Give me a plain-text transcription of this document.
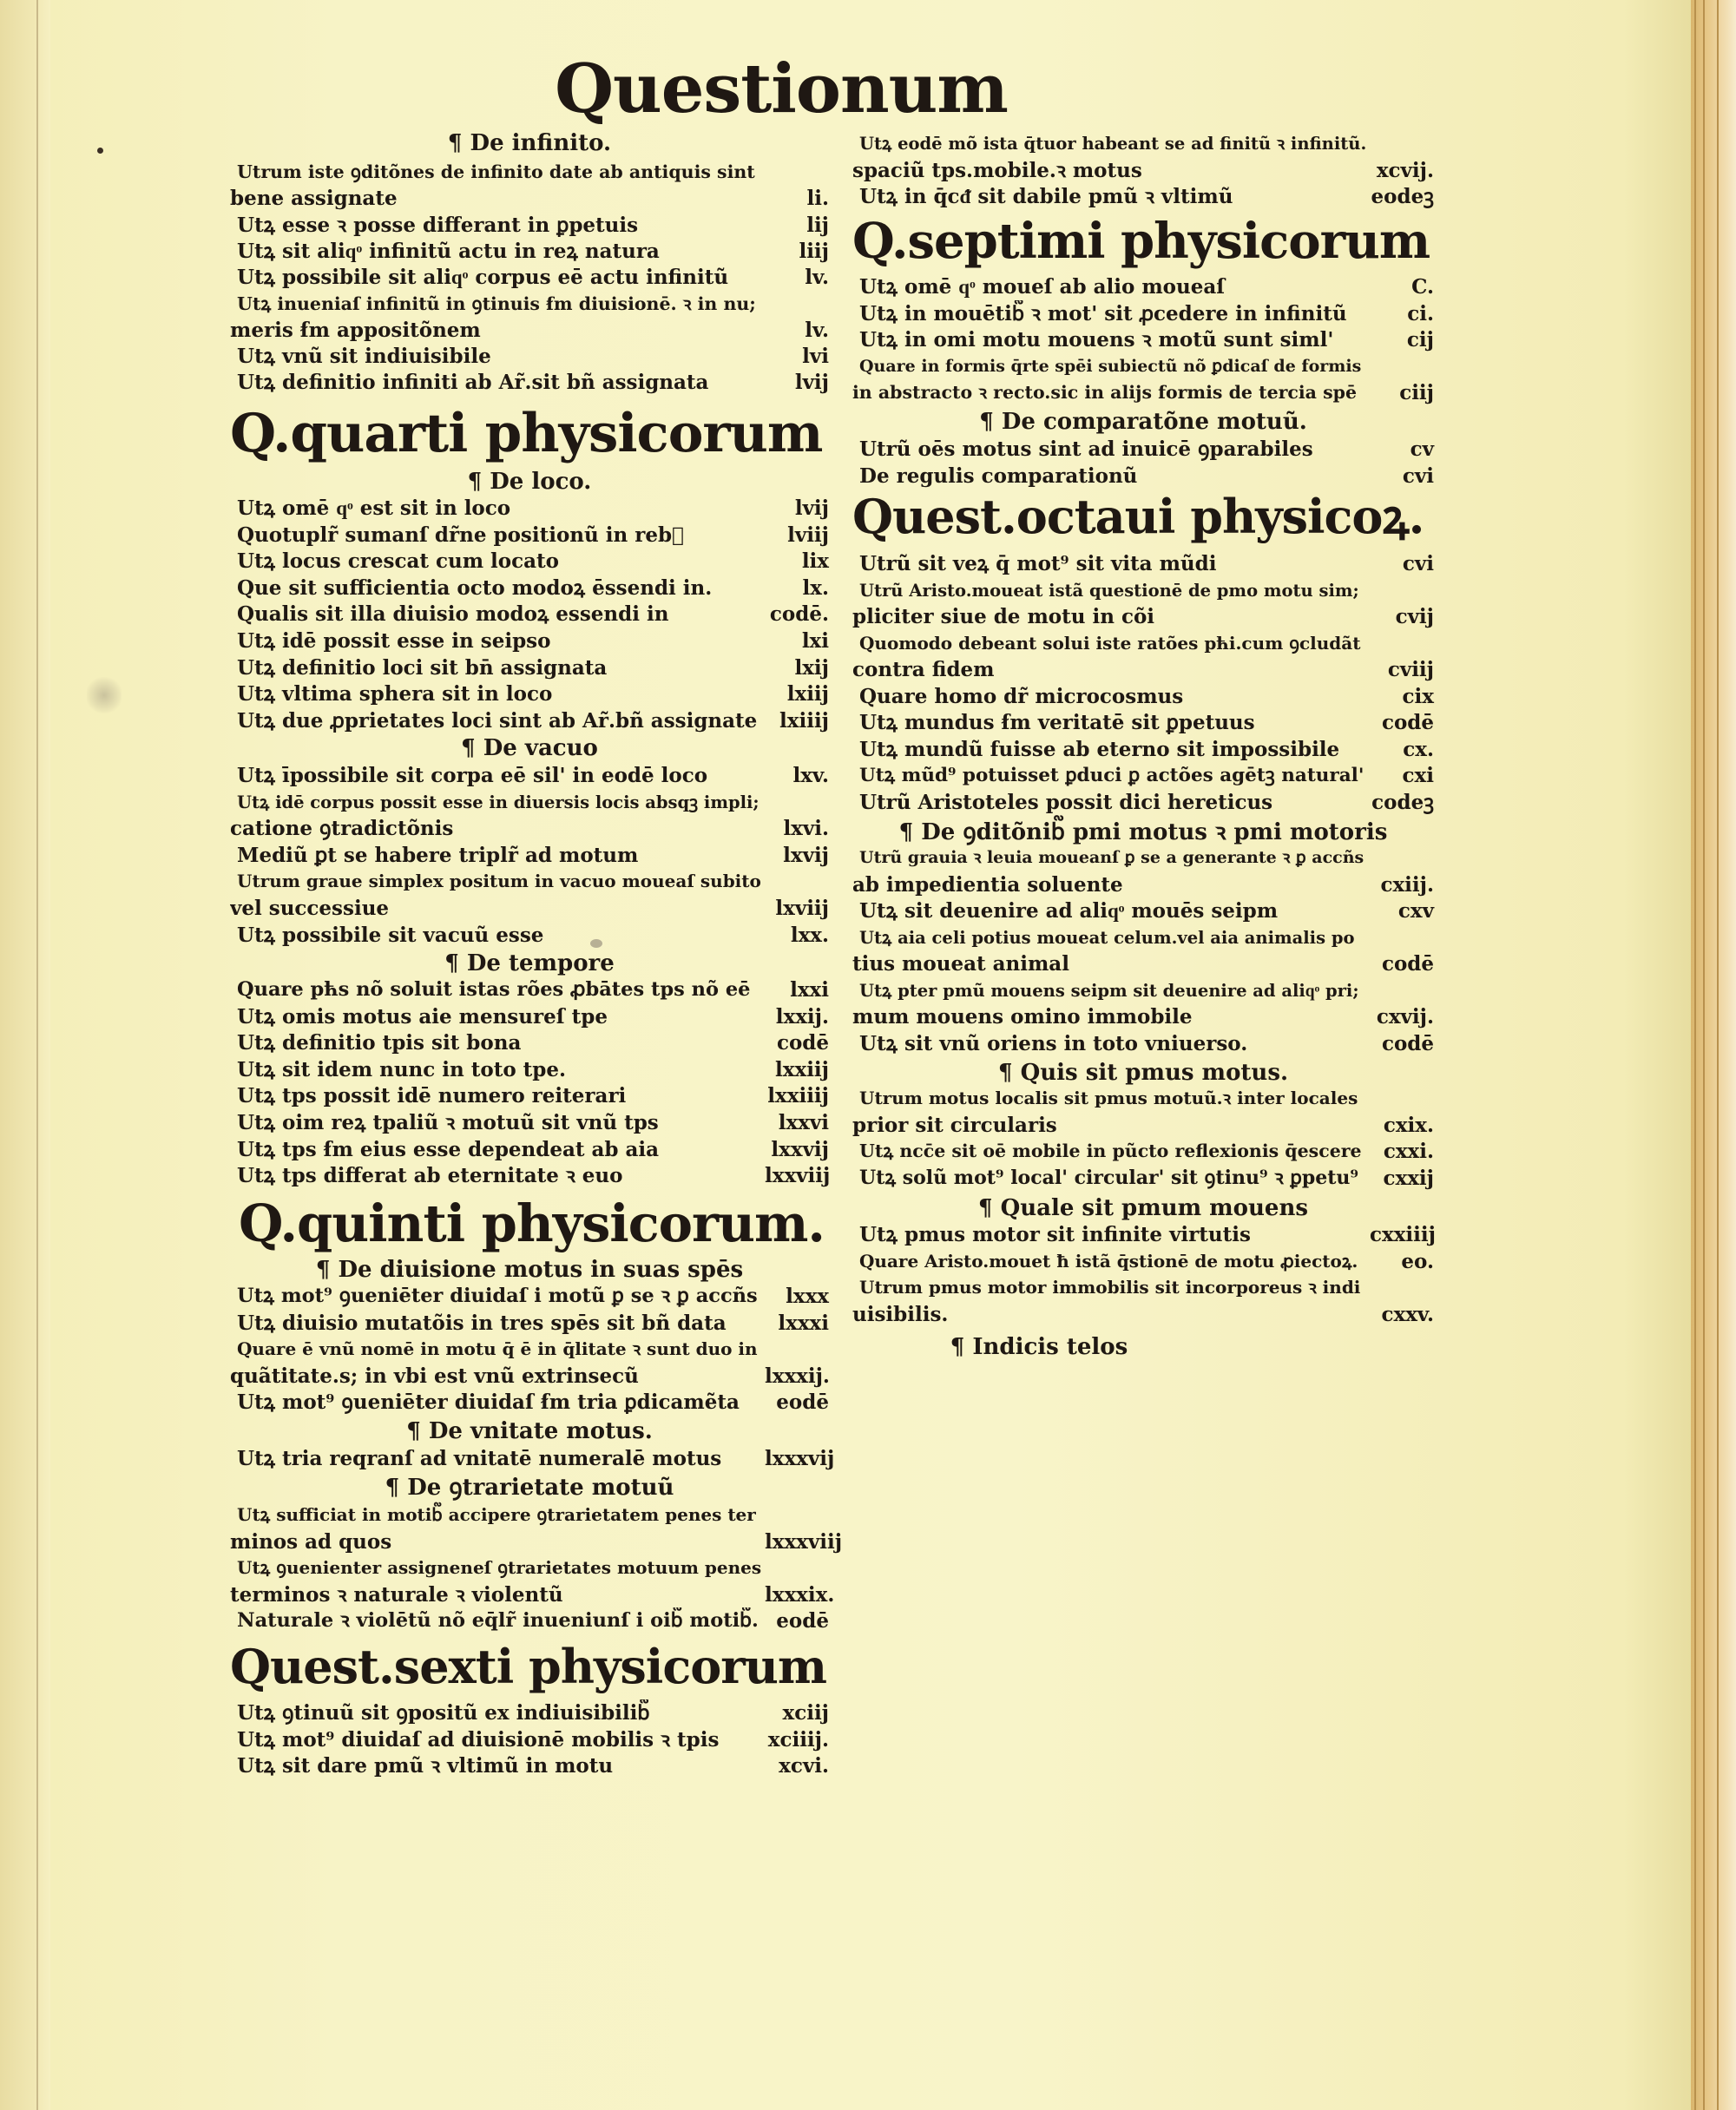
Questionum
¶ De infinito.
Q.quarti physicorum
¶ De loco.
¶ De vacuo
¶ De tempore
Q.quinti physicorum.
¶ De diuisione motus in suas spēs
¶ De vnitate motus.
¶ De ꝯtrarietate motuũ
Quest.sexti physicorum
Utrum iste ꝯditõnes de infinito date ab antiquis sint
bene assignate	li.
Utꝝ esse ꝛ posse differant in ꝑpetuis	lij
Utꝝ sit aliqͦ infinitũ actu in reꝝ natura	liij
Utꝝ possibile sit aliqͦ corpus eē actu infinitũ	lv.
Utꝝ inueniaſ infinitũ in ꝯtinuis ẜm diuisionē. ꝛ in nu;
meris ẜm appositõnem	lv.
Utꝝ vnũ sit indiuisibile	lvi
Utꝝ definitio infiniti ab Ar̃.sit bñ assignata	lvij
Utꝝ omē qͦ est sit in loco	lvij
Quotuplr̃ sumanſ dr̃ne positionũ in reb᷑	lviij
Utꝝ locus crescat cum locato	lix
Que sit sufficientia octo modoꝝ ēssendi in.	lx.
Qualis sit illa diuisio modoꝝ essendi in	codē.
Utꝝ idē possit esse in seipso	lxi
Utꝝ definitio loci sit bn̄ assignata	lxij
Utꝝ vltima sphera sit in loco	lxiij
Utꝝ due ꝓprietates loci sint ab Ar̃.bñ assignate	lxiiij
Utꝝ īpossibile sit corpa eē sil' in eodē loco	lxv.
Utꝝ idē corpus possit esse in diuersis locis absqꝫ impli;
catione ꝯtradictõnis	lxvi.
Mediũ ꝑt se habere triplr̃ ad motum	lxvij
Utrum graue simplex positum in vacuo moueaſ subito
vel successiue	lxviij
Utꝝ possibile sit vacuũ esse	lxx.
Quare pћs nõ soluit istas rões ꝓbātes tps nõ eē	lxxi
Utꝝ omis motus aie mensureſ tpe	lxxij.
Utꝝ definitio tpis sit bona	codē
Utꝝ sit idem nunc in toto tpe.	lxxiij
Utꝝ tps possit idē numero reiterari	lxxiiij
Utꝝ oim reꝝ tpaliũ ꝛ motuũ sit vnũ tps	lxxvi
Utꝝ tps ẜm eius esse dependeat ab aia	lxxvij
Utꝝ tps differat ab eternitate ꝛ euo	lxxviij
Utꝝ mot⁹ ꝯueniēter diuidaſ i motũ ꝑ se ꝛ ꝑ accñs	lxxx
Utꝝ diuisio mutatõis in tres spēs sit bñ data	lxxxi
Quare ē vnũ nomē in motu q̄ ē in q̄litate ꝛ sunt duo in
quãtitate.s; in vbi est vnũ extrinsecũ	lxxxij.
Utꝝ mot⁹ ꝯueniēter diuidaſ ẜm tria ꝑdicamẽta	eodē
Utꝝ tria reqranſ ad vnitatē numeralē motus	lxxxvij
Utꝝ sufficiat in motib᷑ accipere ꝯtrarietatem penes ter
minos ad quos	lxxxviij
Utꝝ ꝯuenienter assigneneſ ꝯtrarietates motuum penes
terminos ꝛ naturale ꝛ violentũ	lxxxix.
Naturale ꝛ violētũ nõ eq̄lr̃ inueniunſ i oib᷑ motib᷑. eodē
Utꝝ ꝯtinuũ sit ꝯpositũ ex indiuisibilib᷑	xciij
Utꝝ mot⁹ diuidaſ ad diuisionē mobilis ꝛ tpis	xciiij.
Utꝝ sit dare pmũ ꝛ vltimũ in motu	xcvi.
Q.septimi physicorum
¶ De comparatõne motuũ.
Quest.octaui physicoꝝ.
¶ De ꝯditõnib᷑ pmi motus ꝛ pmi motoris
¶ Quis sit pmus motus.
¶ Quale sit pmum mouens
¶ Indicis telos
Utꝝ eodē mõ ista q̄tuor habeant se ad finitũ ꝛ infinitũ.
spaciũ tps.mobile.ꝛ motus	xcvij.
Utꝝ in q̄cᵭ sit dabile pmũ ꝛ vltimũ	eodeꝫ
Utꝝ omē qͦ moueſ ab alio moueaſ	C.
Utꝝ in mouētib᷑ ꝛ mot' sit ꝓcedere in infinitũ	ci.
Utꝝ in omi motu mouens ꝛ motũ sunt siml'	cij
Quare in formis q̄rte spēi subiectũ nõ ꝑdicaſ de formis
in abstracto ꝛ recto.sic in alijs formis de tercia spē	ciij
Utrũ oēs motus sint ad inuicē ꝯparabiles	cv
De regulis comparationũ	cvi
Utrũ sit veꝝ q̄ mot⁹ sit vita mũdi	cvi
Utrũ Aristo.moueat istã questionē de pmo motu sim;
pliciter siue de motu in cõi	cvij
Quomodo debeant solui iste ratões pћi.cum ꝯcludãt
contra fidem	cviij
Quare homo dr̃ microcosmus	cix
Utꝝ mundus ẜm veritatē sit ꝑpetuus	codē
Utꝝ mundũ fuisse ab eterno sit impossibile	cx.
Utꝝ mũd⁹ potuisset ꝑduci ꝑ actões agētꝫ natural'	cxi
Utrũ Aristoteles possit dici hereticus	codeꝫ
Utrũ grauia ꝛ leuia moueanſ ꝑ se a generante ꝛ ꝑ accñs
ab impedientia soluente	cxiij.
Utꝝ sit deuenire ad aliqͦ mouēs seipm	cxv
Utꝝ aia celi potius moueat celum.vel aia animalis po
tius moueat animal	codē
Utꝝ pter pmũ mouens seipm sit deuenire ad aliqͦ pri;
mum mouens omino immobile	cxvij.
Utꝝ sit vnũ oriens in toto vniuerso.	codē
Utrum motus localis sit pmus motuũ.ꝛ inter locales
prior sit circularis	cxix.
Utꝝ ncc̄e sit oē mobile in pũcto reflexionis q̄escere	cxxi.
Utꝝ solũ mot⁹ local' circular' sit ꝯtinu⁹ ꝛ ꝑpetu⁹	cxxij
Utꝝ pmus motor sit infinite virtutis	cxxiiij
Quare Aristo.mouet ħ istã q̄stionē de motu ꝓiectoꝝ.	eo.
Utrum pmus motor immobilis sit incorporeus ꝛ indi
uisibilis.	cxxv.
